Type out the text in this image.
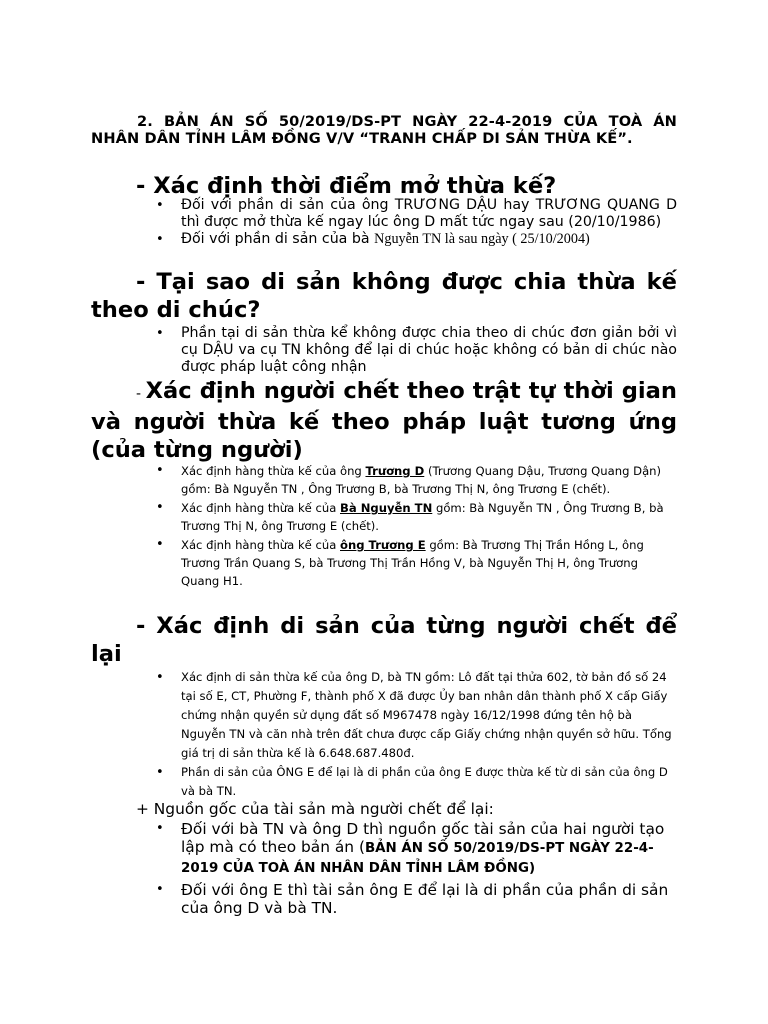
2. BẢN ÁN SỐ 50/2019/DS-PT NGÀY 22-4-2019 CỦA TOÀ ÁN NHÂN DÂN TỈNH LÂM ĐỒNG V/V “TRANH CHẤP DI SẢN THỪA KẾ”.
- Xác định thời điểm mở thừa kế?
• Đối với phần di sản của ông TRƯƠNG DẬU hay TRƯƠNG QUANG D thì được mở thừa kế ngay lúc ông D mất tức ngay sau (20/10/1986)
• Đối với phần di sản của bà Nguyễn TN là sau ngày ( 25/10/2004)
- Tại sao di sản không được chia thừa kế theo di chúc?
• Phần tại di sản thừa kể không được chia theo di chúc đơn giản bởi vì cụ DẬU va cụ TN không để lại di chúc hoặc không có bản di chúc nào được pháp luật công nhận
- Xác định người chết theo trật tự thời gian và người thừa kế theo pháp luật tương ứng (của từng người)
• Xác định hàng thừa kế của ông Trương D (Trương Quang Dậu, Trương Quang Dận) gồm: Bà Nguyễn TN , Ông Trương B, bà Trương Thị N, ông Trương E (chết).
• Xác định hàng thừa kế của Bà Nguyễn TN gồm: Bà Nguyễn TN , Ông Trương B, bà Trương Thị N, ông Trương E (chết).
• Xác định hàng thừa kế của ông Trương E gồm: Bà Trương Thị Trần Hồng L, ông Trương Trần Quang S, bà Trương Thị Trần Hồng V, bà Nguyễn Thị H, ông Trương Quang H1.
- Xác định di sản của từng người chết để lại
• Xác định di sản thừa kế của ông D, bà TN gồm: Lô đất tại thửa 602, tờ bản đồ số 24 tại số E, CT, Phường F, thành phố X đã được Ủy ban nhân dân thành phố X cấp Giấy chứng nhận quyền sử dụng đất số M967478 ngày 16/12/1998 đứng tên hộ bà Nguyễn TN và căn nhà trên đất chưa được cấp Giấy chứng nhận quyền sở hữu. Tổng giá trị di sản thừa kế là 6.648.687.480đ.
• Phần di sản của ÔNG E để lại là di phần của ông E được thừa kế từ di sản của ông D và bà TN.
+ Nguồn gốc của tài sản mà người chết để lại:
• Đối với bà TN và ông D thì nguồn gốc tài sản của hai người tạo lập mà có theo bản án (BẢN ÁN SỐ 50/2019/DS-PT NGÀY 22-4-2019 CỦA TOÀ ÁN NHÂN DÂN TỈNH LÂM ĐỒNG)
• Đối với ông E thì tài sản ông E để lại là di phần của phần di sản của ông D và bà TN.
